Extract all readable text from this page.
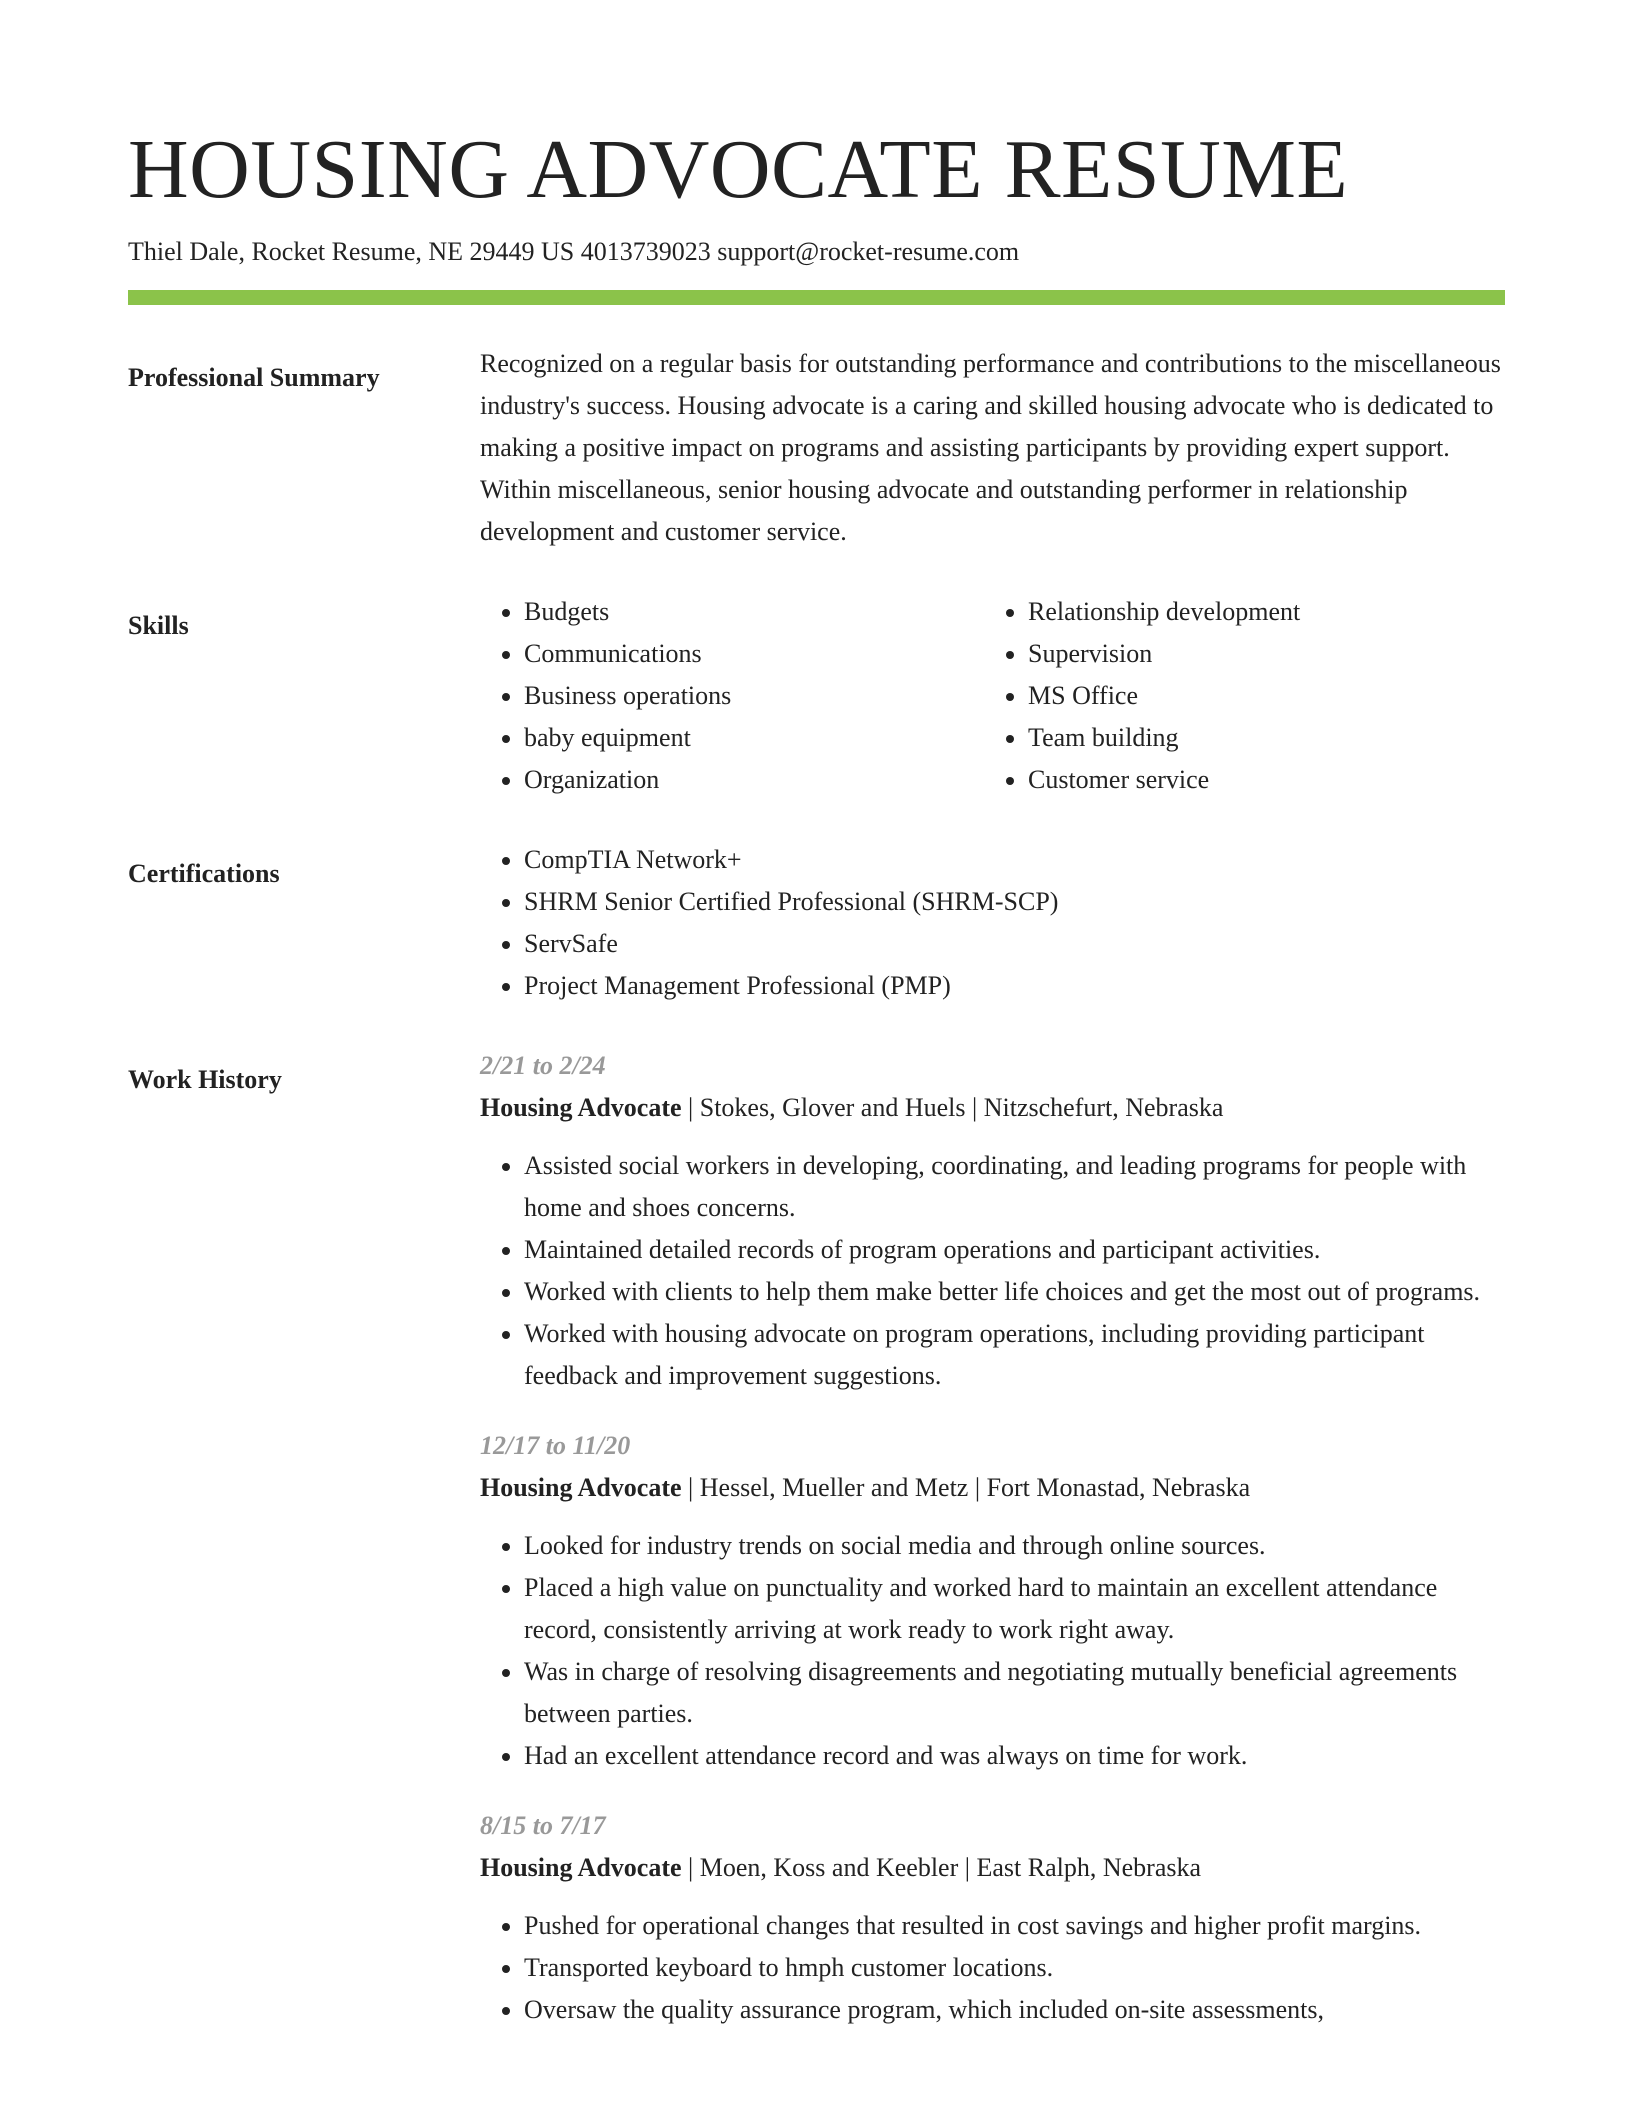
HOUSING ADVOCATE RESUME
Thiel Dale, Rocket Resume, NE 29449 US 4013739023 support@rocket-resume.com
Professional Summary	Recognized on a regular basis for outstanding performance and contributions to the miscellaneous industry's success. Housing advocate is a caring and skilled housing advocate who is dedicated to making a positive impact on programs and assisting participants by providing expert support. Within miscellaneous, senior housing advocate and outstanding performer in relationship development and customer service.

Skills	• Budgets
• Communications
• Business operations
• baby equipment
• Organization
• Relationship development
• Supervision
• MS Office
• Team building
• Customer service
Certifications	• CompTIA Network+
• SHRM Senior Certified Professional (SHRM-SCP)
• ServSafe
• Project Management Professional (PMP)
Work History	2/21 to 2/24
Housing Advocate | Stokes, Glover and Huels | Nitzschefurt, Nebraska
• Assisted social workers in developing, coordinating, and leading programs for people with home and shoes concerns.
• Maintained detailed records of program operations and participant activities.
• Worked with clients to help them make better life choices and get the most out of programs.
• Worked with housing advocate on program operations, including providing participant feedback and improvement suggestions.
12/17 to 11/20
Housing Advocate | Hessel, Mueller and Metz | Fort Monastad, Nebraska
• Looked for industry trends on social media and through online sources.
• Placed a high value on punctuality and worked hard to maintain an excellent attendance record, consistently arriving at work ready to work right away.
• Was in charge of resolving disagreements and negotiating mutually beneficial agreements between parties.
• Had an excellent attendance record and was always on time for work.
8/15 to 7/17
Housing Advocate | Moen, Koss and Keebler | East Ralph, Nebraska
• Pushed for operational changes that resulted in cost savings and higher profit margins.
• Transported keyboard to hmph customer locations.
• Oversaw the quality assurance program, which included on-site assessments,
